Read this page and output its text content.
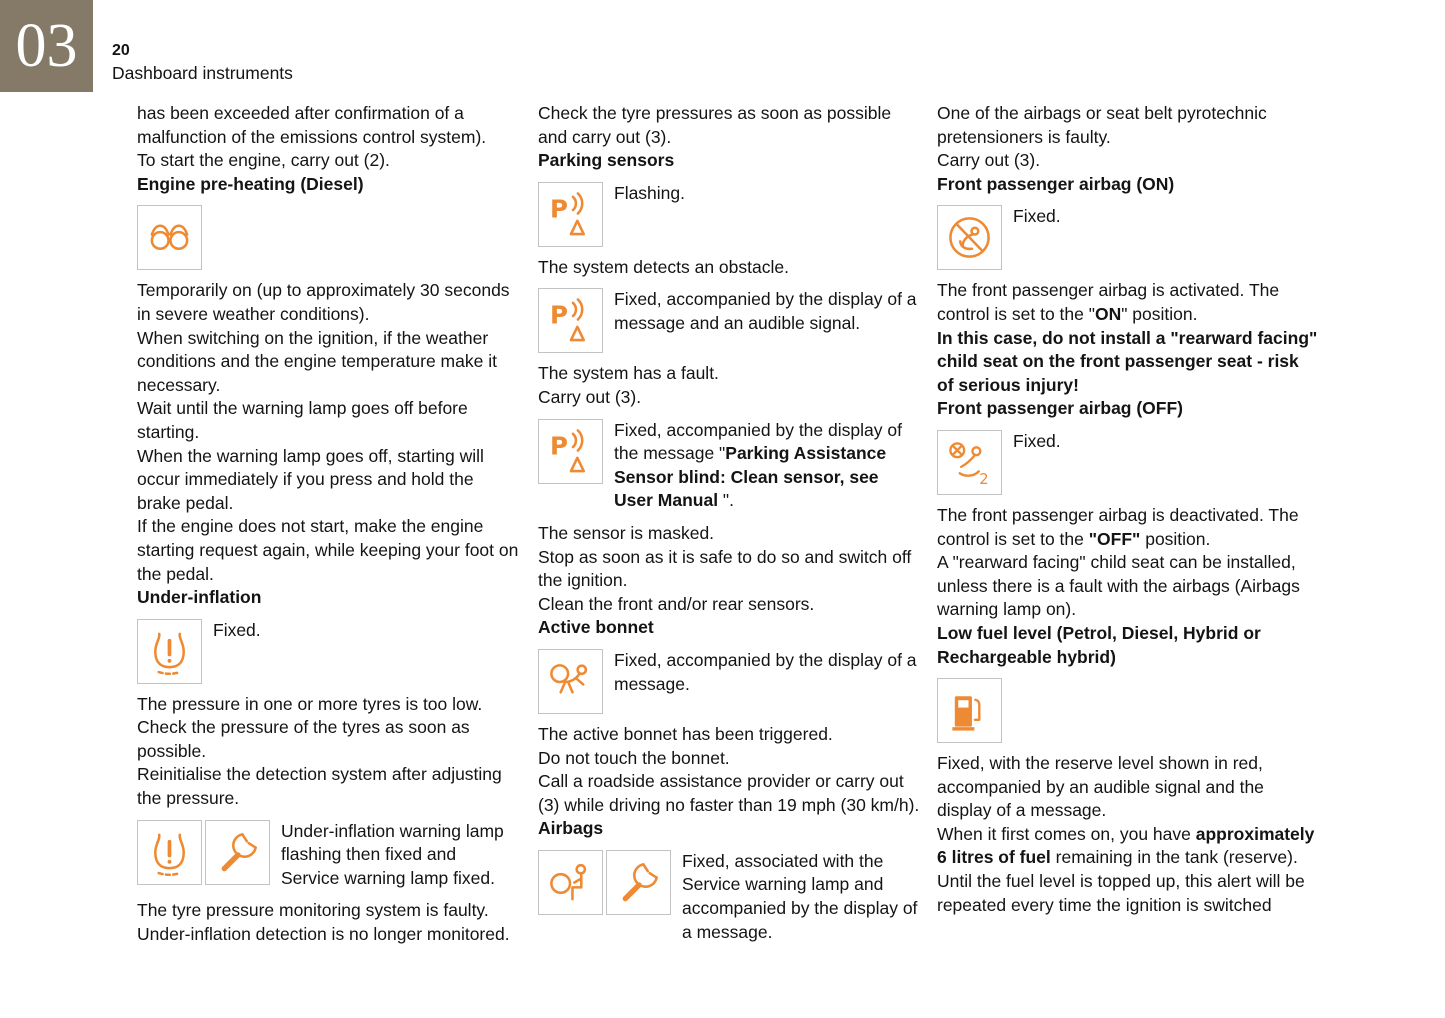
03 20
Dashboard instruments

has been exceeded after confirmation of a malfunction of the emissions control system).

To start the engine, carry out (2).

Engine pre-heating (Diesel)

Temporarily on (up to approximately 30 seconds in severe weather conditions).

When switching on the ignition, if the weather conditions and the engine temperature make it necessary.

Wait until the warning lamp goes off before starting.

When the warning lamp goes off, starting will occur immediately if you press and hold the brake pedal.

If the engine does not start, make the engine starting request again, while keeping your foot on the pedal.

Under-inflation

Fixed.

The pressure in one or more tyres is too low.

Check the pressure of the tyres as soon as possible.

Reinitialise the detection system after adjusting the pressure.

Under-inflation warning lamp flashing then fixed and Service warning lamp fixed.

The tyre pressure monitoring system is faulty.

Under-inflation detection is no longer monitored.

Check the tyre pressures as soon as possible and carry out (3).

Parking sensors

Flashing.

The system detects an obstacle.

Fixed, accompanied by the display of a message and an audible signal.

The system has a fault.

Carry out (3).

Fixed, accompanied by the display of the message "Parking Assistance Sensor blind: Clean sensor, see User Manual ".

The sensor is masked.

Stop as soon as it is safe to do so and switch off the ignition.

Clean the front and/or rear sensors.

Active bonnet

Fixed, accompanied by the display of a message.

The active bonnet has been triggered.

Do not touch the bonnet.

Call a roadside assistance provider or carry out (3) while driving no faster than 19 mph (30 km/h).

Airbags

Fixed, associated with the Service warning lamp and accompanied by the display of a message.

One of the airbags or seat belt pyrotechnic pretensioners is faulty.

Carry out (3).

Front passenger airbag (ON)

Fixed.

The front passenger airbag is activated. The control is set to the "ON" position.

In this case, do not install a "rearward facing" child seat on the front passenger seat - risk of serious injury!

Front passenger airbag (OFF)

Fixed.

The front passenger airbag is deactivated. The control is set to the "OFF" position.

A "rearward facing" child seat can be installed, unless there is a fault with the airbags (Airbags warning lamp on).

Low fuel level (Petrol, Diesel, Hybrid or Rechargeable hybrid)

Fixed, with the reserve level shown in red, accompanied by an audible signal and the display of a message.

When it first comes on, you have approximately 6 litres of fuel remaining in the tank (reserve).

Until the fuel level is topped up, this alert will be repeated every time the ignition is switched
